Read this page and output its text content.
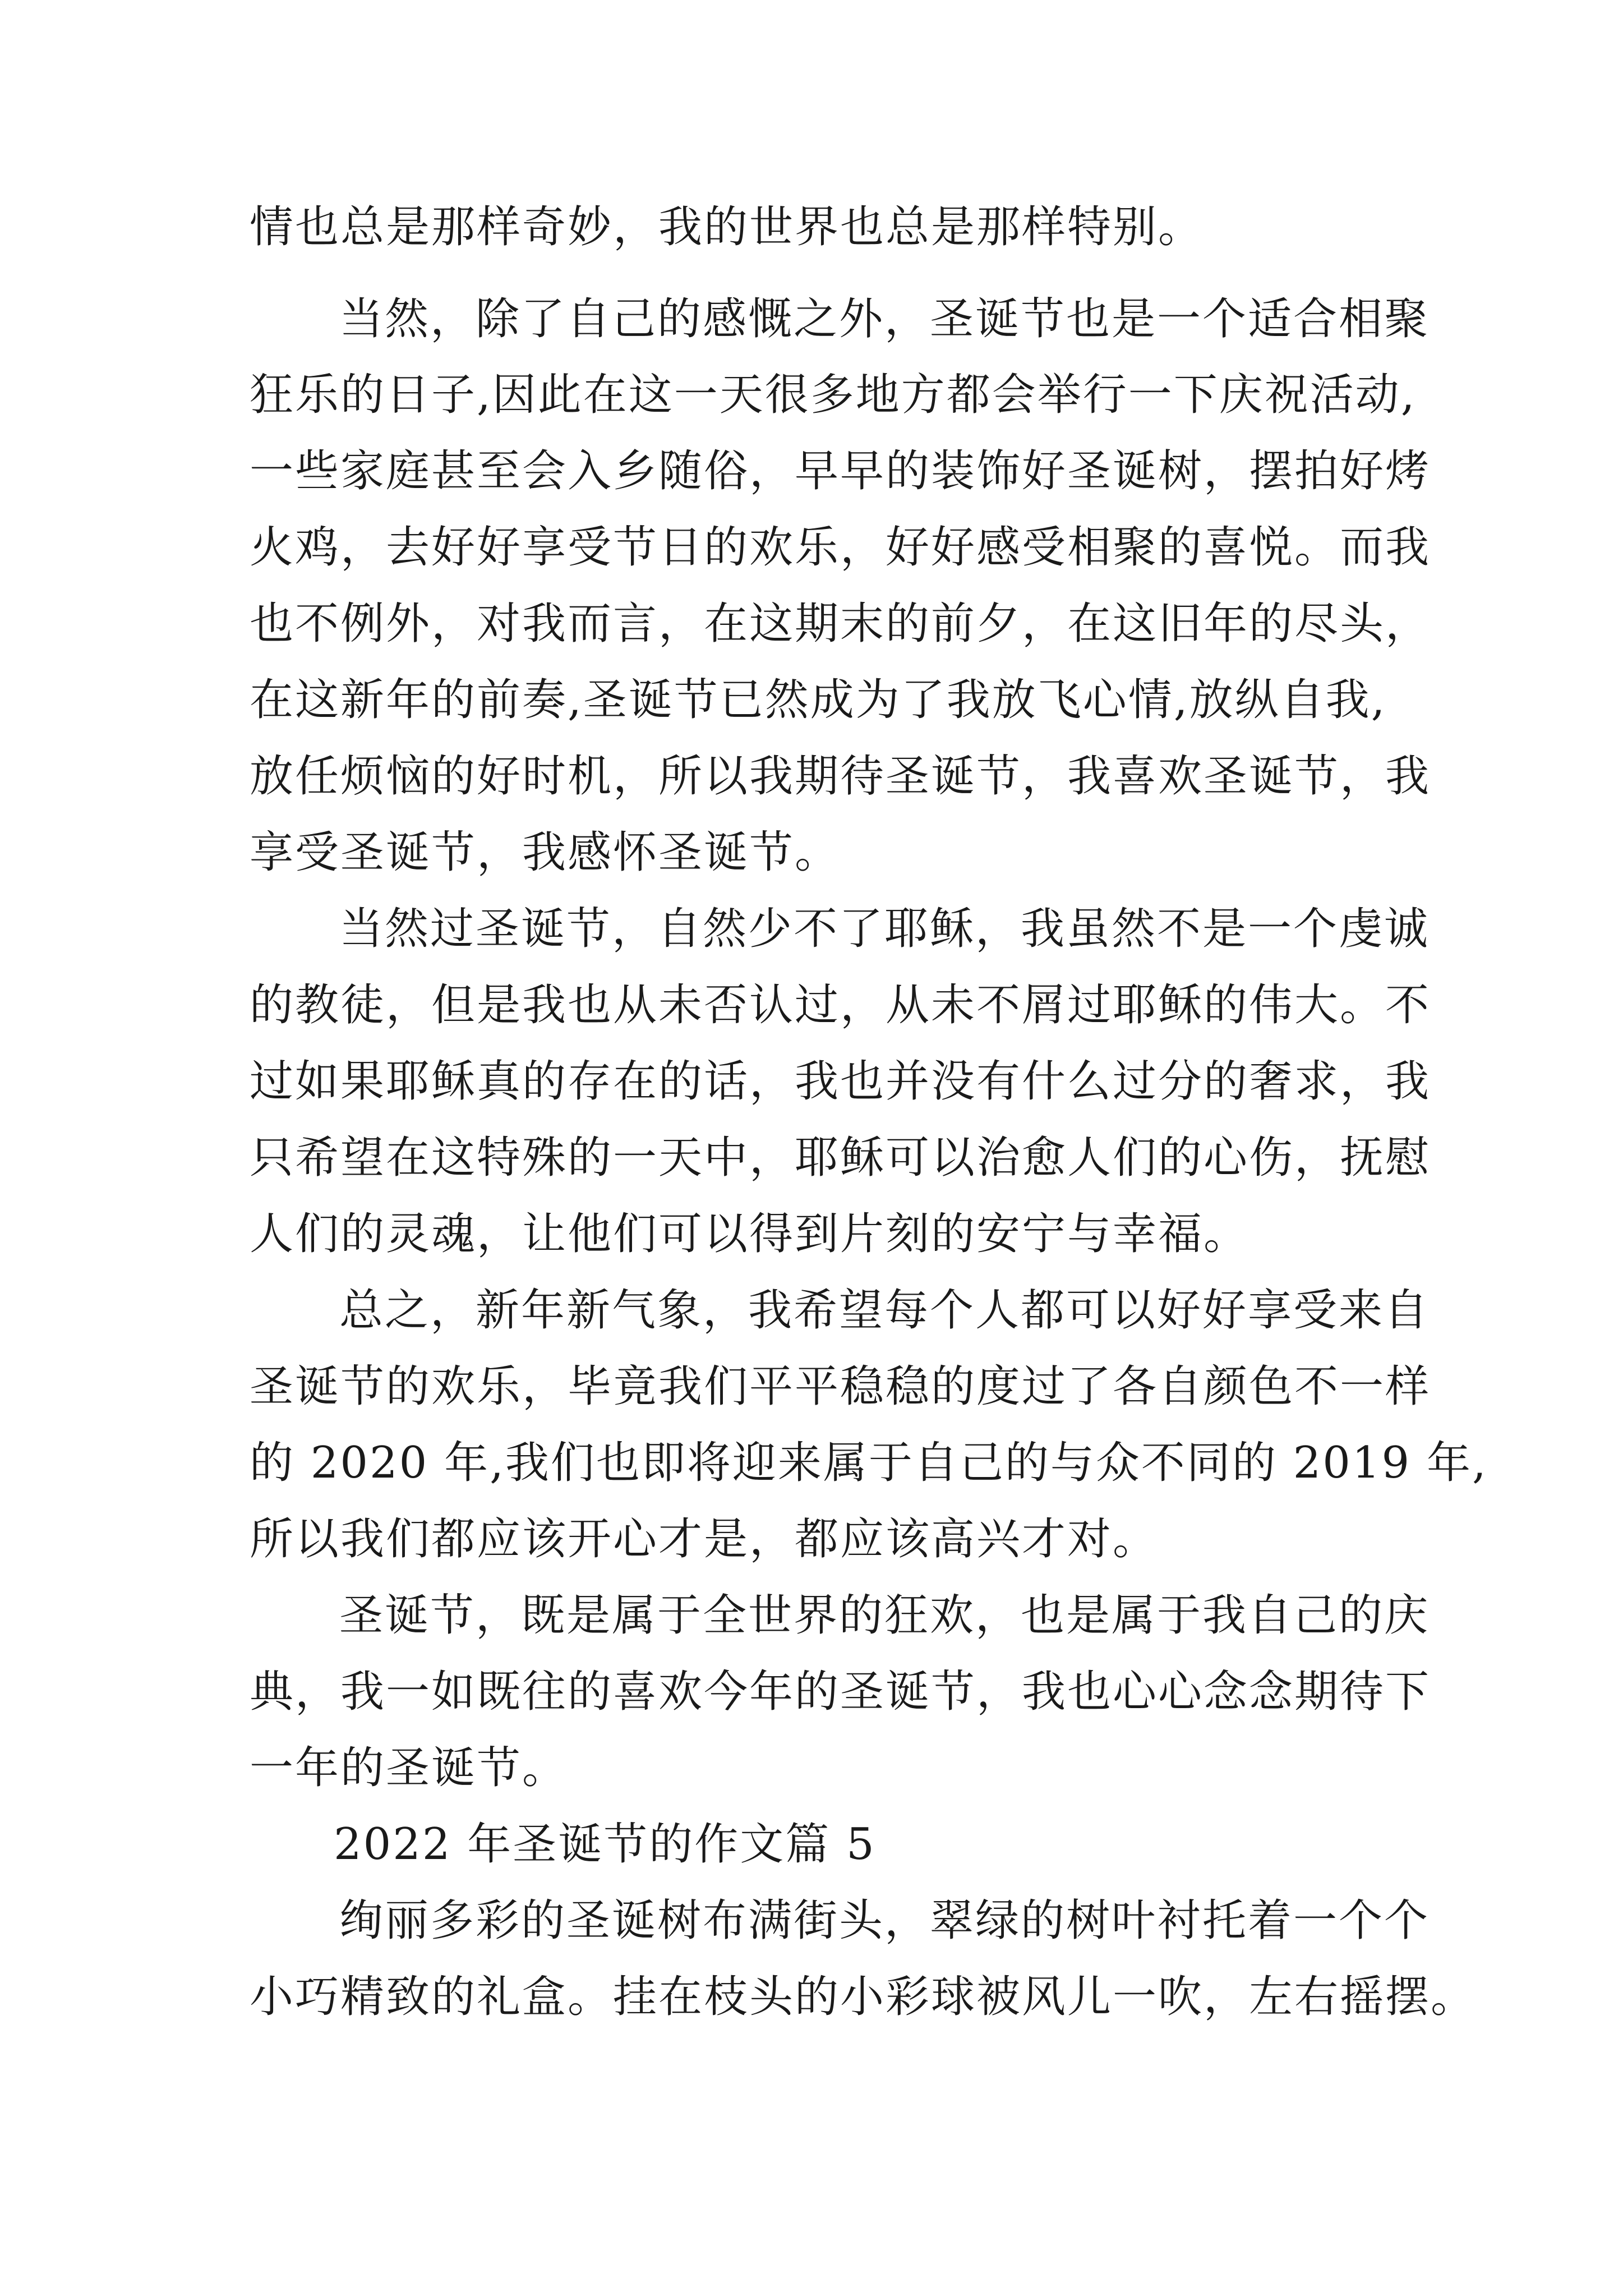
情也总是那样奇妙，我的世界也总是那样特别。
当然，除了自己的感慨之外，圣诞节也是一个适合相聚
狂乐的日子,因此在这一天很多地方都会举行一下庆祝活动,
一些家庭甚至会入乡随俗，早早的装饰好圣诞树，摆拍好烤
火鸡，去好好享受节日的欢乐，好好感受相聚的喜悦。而我
也不例外，对我而言，在这期末的前夕，在这旧年的尽头，
在这新年的前奏,圣诞节已然成为了我放飞心情,放纵自我,
放任烦恼的好时机，所以我期待圣诞节，我喜欢圣诞节，我
享受圣诞节，我感怀圣诞节。
当然过圣诞节，自然少不了耶稣，我虽然不是一个虔诚
的教徒，但是我也从未否认过，从未不屑过耶稣的伟大。不
过如果耶稣真的存在的话，我也并没有什么过分的奢求，我
只希望在这特殊的一天中，耶稣可以治愈人们的心伤，抚慰
人们的灵魂，让他们可以得到片刻的安宁与幸福。
总之，新年新气象，我希望每个人都可以好好享受来自
圣诞节的欢乐，毕竟我们平平稳稳的度过了各自颜色不一样
的 2020 年,我们也即将迎来属于自己的与众不同的 2019 年,
所以我们都应该开心才是，都应该高兴才对。
圣诞节，既是属于全世界的狂欢，也是属于我自己的庆
典，我一如既往的喜欢今年的圣诞节，我也心心念念期待下
一年的圣诞节。
2022 年圣诞节的作文篇 5
绚丽多彩的圣诞树布满街头，翠绿的树叶衬托着一个个
小巧精致的礼盒。挂在枝头的小彩球被风儿一吹，左右摇摆。
